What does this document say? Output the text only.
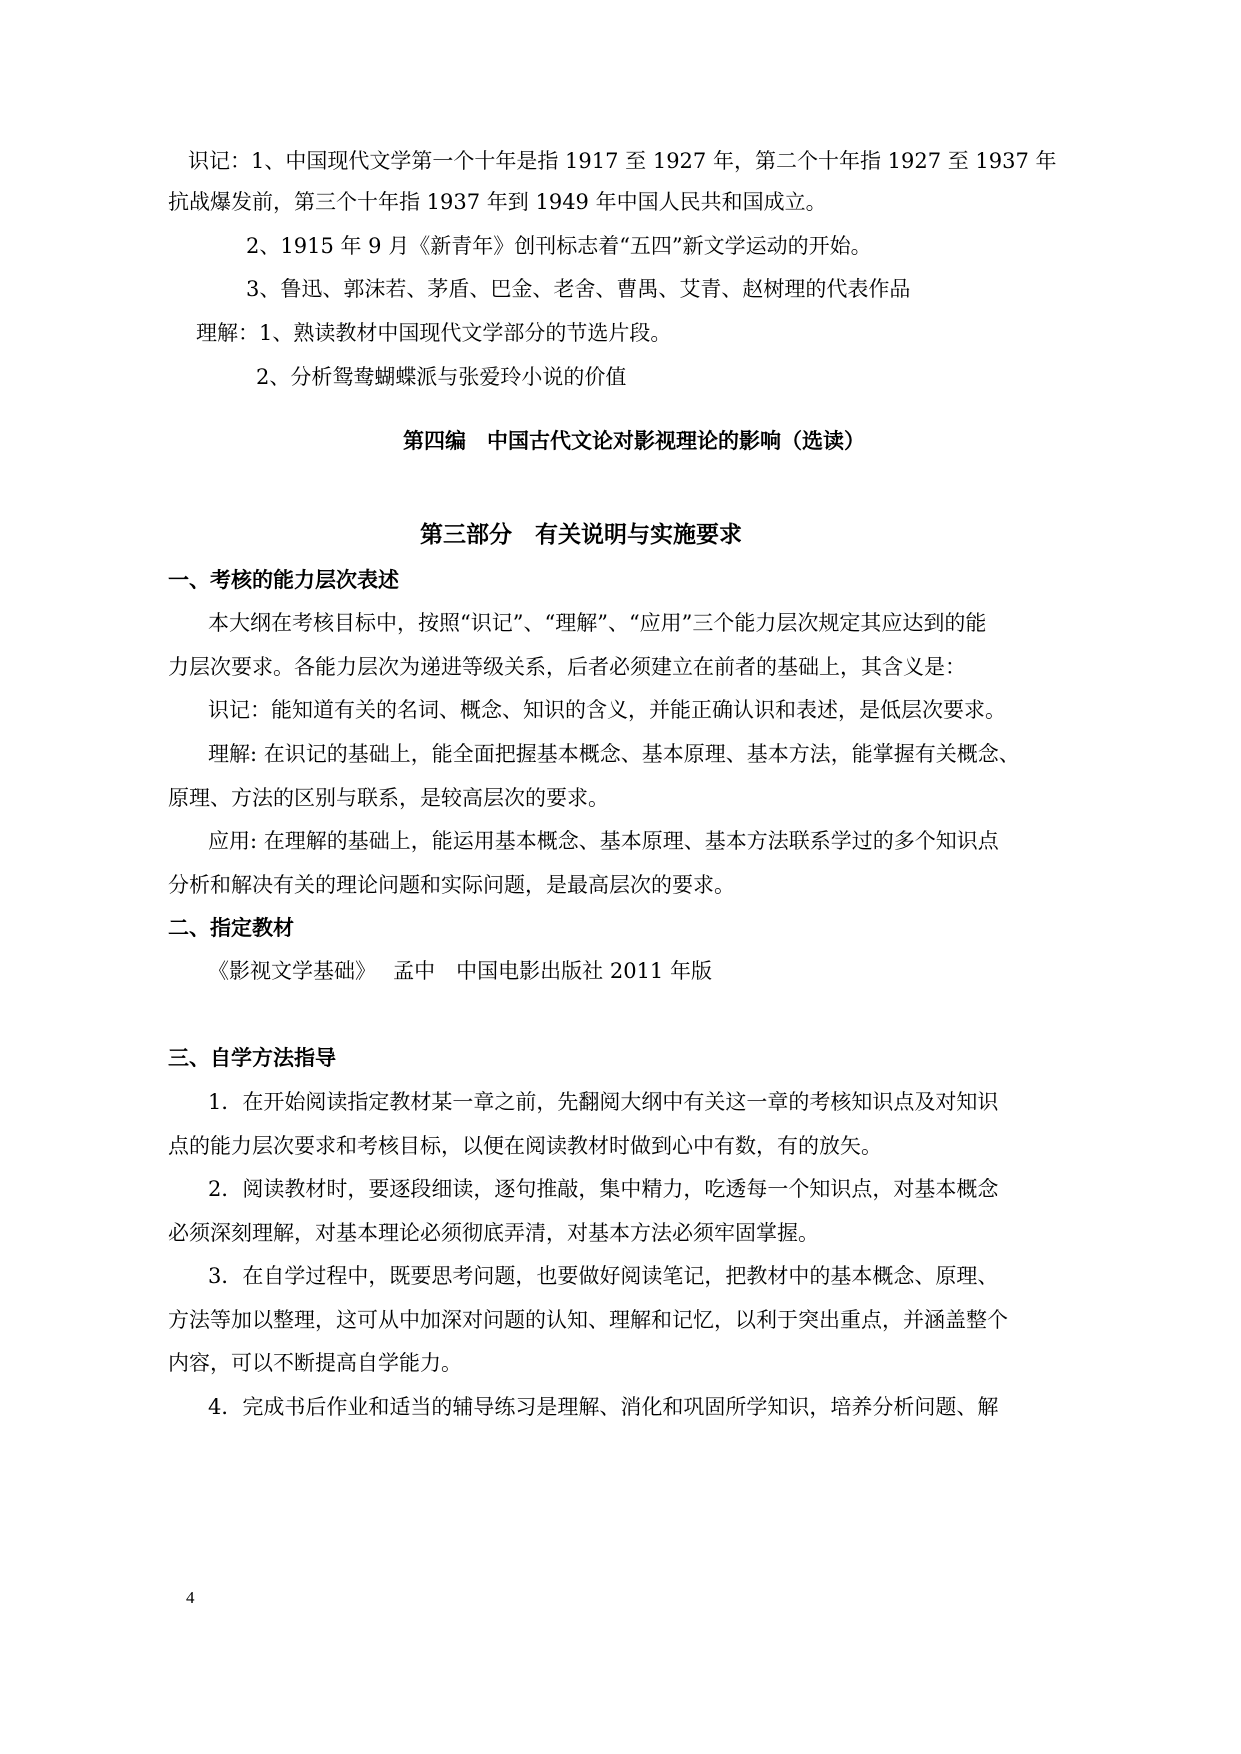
识记：1、中国现代文学第一个十年是指 1917 至 1927 年，第二个十年指 1927 至 1937 年
抗战爆发前，第三个十年指 1937 年到 1949 年中国人民共和国成立。
2、1915 年 9 月《新青年》创刊标志着“五四”新文学运动的开始。
3、鲁迅、郭沫若、茅盾、巴金、老舍、曹禺、艾青、赵树理的代表作品
理解：1、熟读教材中国现代文学部分的节选片段。
2、分析鸳鸯蝴蝶派与张爱玲小说的价值
第四编　中国古代文论对影视理论的影响（选读）
第三部分　有关说明与实施要求
一、考核的能力层次表述
本大纲在考核目标中，按照“识记”、“理解”、“应用”三个能力层次规定其应达到的能
力层次要求。各能力层次为递进等级关系，后者必须建立在前者的基础上，其含义是：
识记：能知道有关的名词、概念、知识的含义，并能正确认识和表述，是低层次要求。
理解: 在识记的基础上，能全面把握基本概念、基本原理、基本方法，能掌握有关概念、
原理、方法的区别与联系，是较高层次的要求。
应用: 在理解的基础上，能运用基本概念、基本原理、基本方法联系学过的多个知识点
分析和解决有关的理论问题和实际问题，是最高层次的要求。
二、指定教材
《影视文学基础》　 孟中　中国电影出版社 2011 年版
三、自学方法指导
1．在开始阅读指定教材某一章之前，先翻阅大纲中有关这一章的考核知识点及对知识
点的能力层次要求和考核目标，以便在阅读教材时做到心中有数，有的放矢。
2．阅读教材时，要逐段细读，逐句推敲，集中精力，吃透每一个知识点，对基本概念
必须深刻理解，对基本理论必须彻底弄清，对基本方法必须牢固掌握。
3．在自学过程中，既要思考问题，也要做好阅读笔记，把教材中的基本概念、原理、
方法等加以整理，这可从中加深对问题的认知、理解和记忆，以利于突出重点，并涵盖整个
内容，可以不断提高自学能力。
4．完成书后作业和适当的辅导练习是理解、消化和巩固所学知识，培养分析问题、解
4
